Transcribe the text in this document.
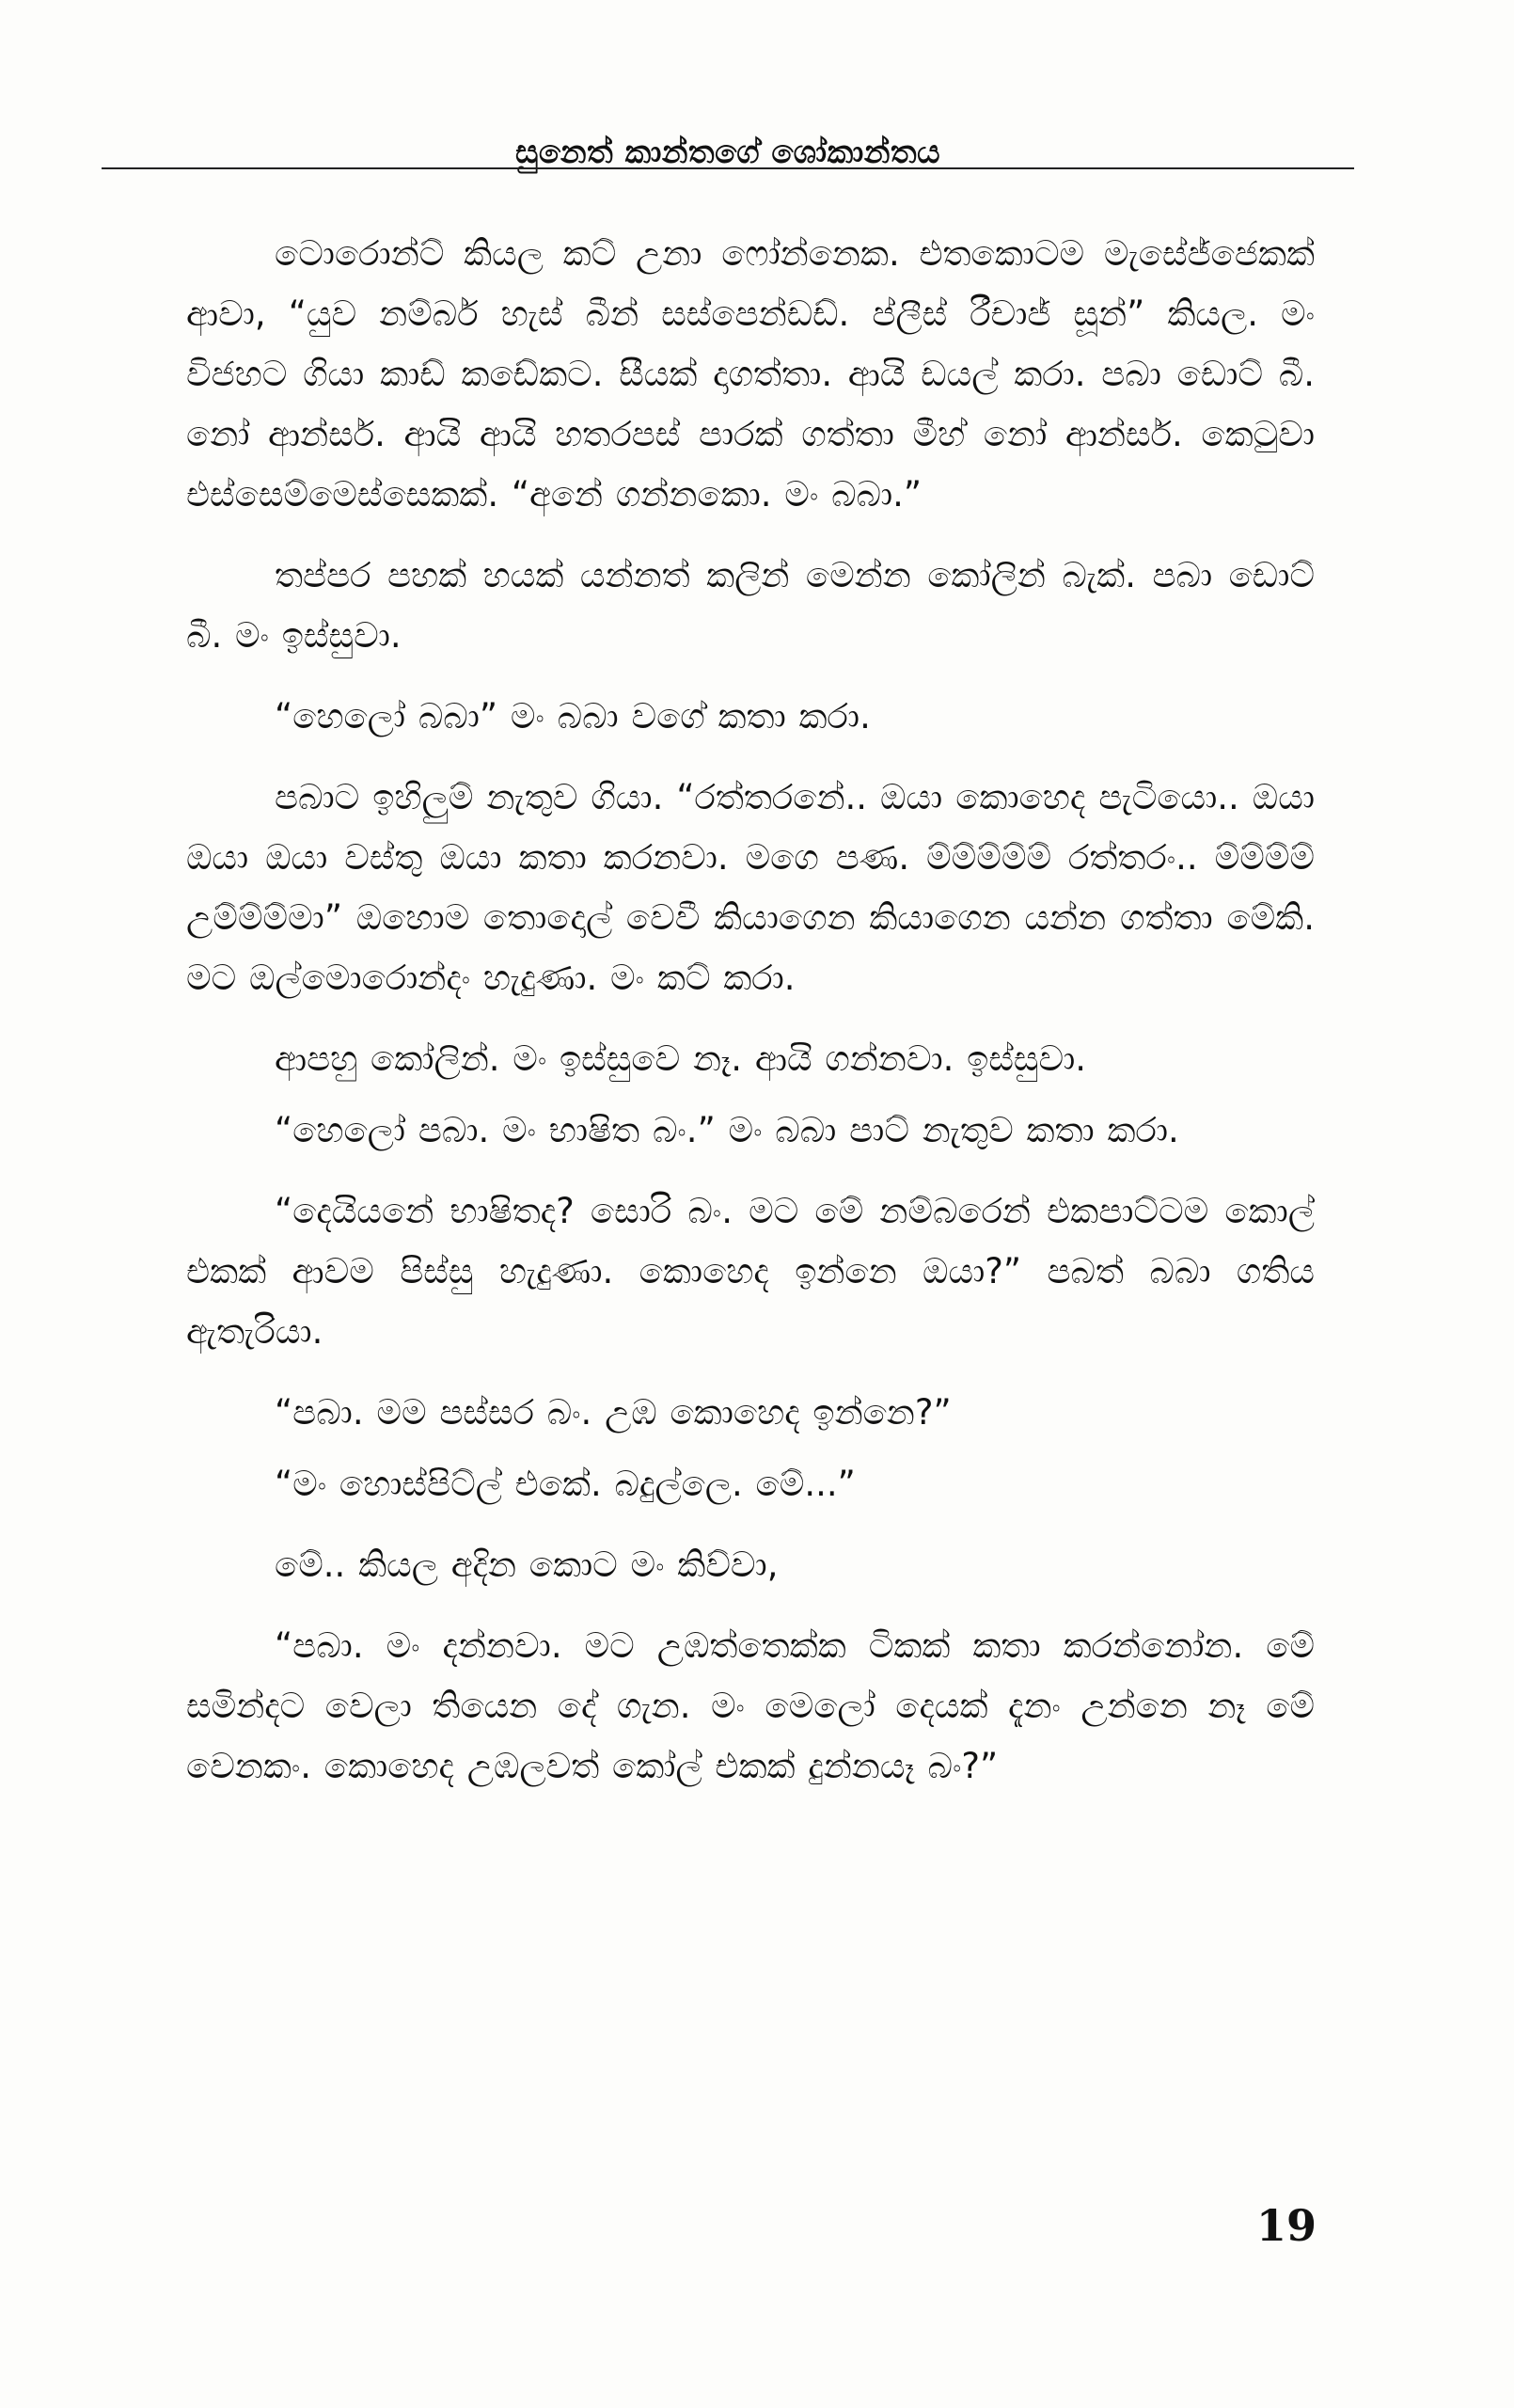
සුනෙත් කාන්තගේ ශෝකාන්තය

ටොරොන්ට් කියල කට් උනා ෆෝන්නෙක. එතකොටම මැසේජ්ජෙකක් ආවා, “යුව නම්බර් හැස් බීන් සස්පෙන්ඩඩ්. ප්ලීස් රීචාජ් සූන්” කියල. මං විජහට ගියා කාඩ් කඩේකට. සීයක් දාගත්තා. ආයි ඩයල් කරා. පබා ඩොට් බී. නෝ ආන්සර්. ආයි ආයි හතරපස් පාරක් ගත්තා මීහ් නෝ ආන්සර්. කෙටුවා එස්සෙම්මෙස්සෙකක්. “අනේ ගන්නකො. මං බබා.”

තප්පර පහක් හයක් යන්නත් කලින් මෙන්න කෝලින් බැක්. පබා ඩොට් බී. මං ඉස්සුවා.

“හෙලෝ බබා” මං බබා වගේ කතා කරා.

පබාට ඉහිලුම් නැතුව ගියා. “රත්තරනේ.. ඔයා කොහෙද පැටියො.. ඔයා ඔයා ඔයා වස්තු ඔයා කතා කරනවා. මගෙ පණ. ම්ම්ම්ම්ම් රත්තරං.. ම්ම්ම්ම් උම්ම්ම්මා” ඔහොම තොදොල් වෙවී කියාගෙන කියාගෙන යන්න ගත්තා මේකි. මට ඔල්මොරොන්දං හැදුණා. මං කට් කරා.

ආපහු කෝලින්. මං ඉස්සුවෙ නෑ. ආයි ගන්නවා. ඉස්සුවා.

“හෙලෝ පබා. මං භාෂිත බං.” මං බබා පාට් නැතුව කතා කරා.

“දෙයියනේ භාෂිතද? සොරි බං. මට මේ නම්බරෙන් එකපාට්ටම කොල් එකක් ආවම පිස්සු හැදුණා. කොහෙද ඉන්නෙ ඔයා?” පබත් බබා ගතිය ඇතැරියා.

“පබා. මම පස්සර බං. උඹ කොහෙද ඉන්නෙ?”

“මං හොස්පිට්ල් එකේ. බදුල්ලෙ. මේ...”

මේ.. කියල අදින කොට මං කිව්වා,

“පබා. මං දන්නවා. මට උඹත්තෙක්ක ටිකක් කතා කරන්නෝන. මේ සමින්දට වෙලා තියෙන දේ ගැන. මං මෙලෝ දෙයක් දැනං උන්නෙ නෑ මේ වෙනකං. කොහෙද උඹලවත් කෝල් එකක් දුන්නයෑ බං?”

19
